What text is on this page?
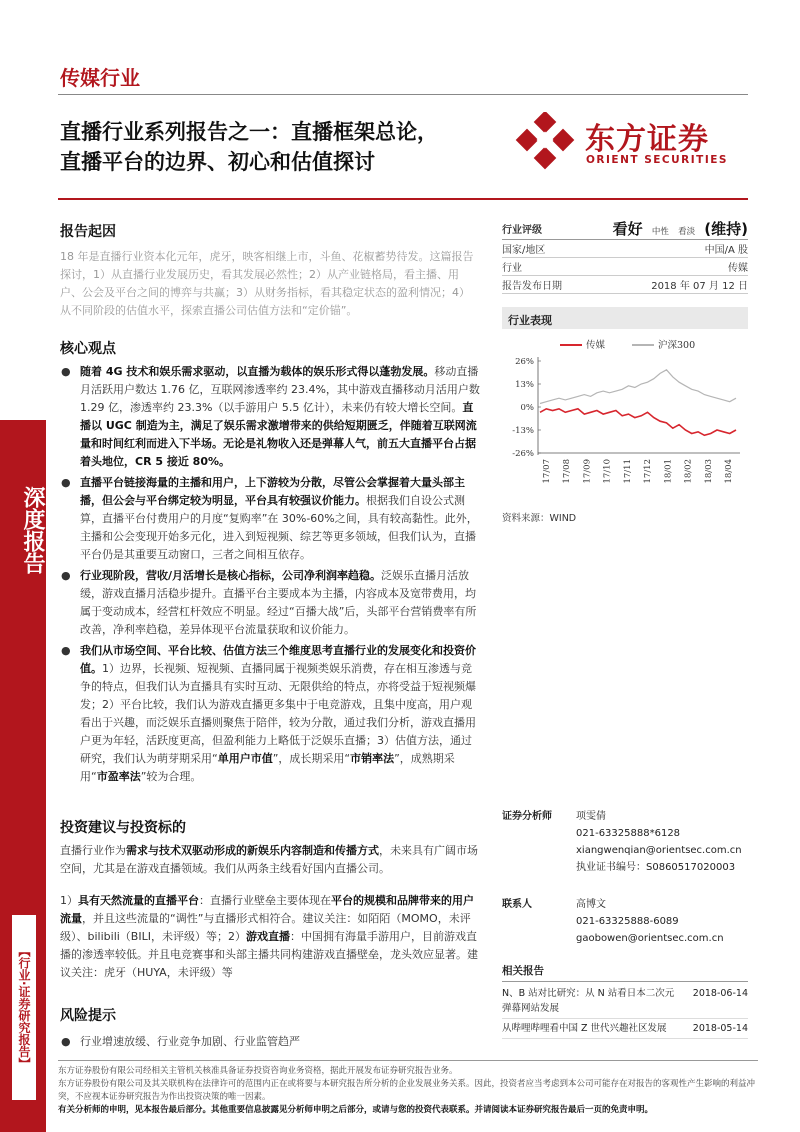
深度报告
【行业·证券研究报告】
传媒行业
直播行业系列报告之一：直播框架总论，
直播平台的边界、初心和估值探讨
东方证券
ORIENT SECURITIES
报告起因
18 年是直播行业资本化元年，虎牙，映客相继上市，斗鱼、花椒蓄势待发。这篇报告探讨，1）从直播行业发展历史，看其发展必然性；2）从产业链格局，看主播、用户、公会及平台之间的博弈与共赢；3）从财务指标，看其稳定状态的盈利情况；4）从不同阶段的估值水平，探索直播公司估值方法和“定价锚”。
核心观点
● 随着 4G 技术和娱乐需求驱动，以直播为载体的娱乐形式得以蓬勃发展。移动直播月活跃用户数达 1.76 亿，互联网渗透率约 23.4%，其中游戏直播移动月活用户数 1.29 亿，渗透率约 23.3%（以手游用户 5.5 亿计），未来仍有较大增长空间。直播以 UGC 制造为主，满足了娱乐需求激增带来的供给短期匮乏，伴随着互联网流量和时间红利而进入下半场。无论是礼物收入还是弹幕人气，前五大直播平台占据着头地位，CR 5 接近 80%。
● 直播平台链接海量的主播和用户，上下游较为分散，尽管公会掌握着大量头部主播，但公会与平台绑定较为明显，平台具有较强议价能力。根据我们自设公式测算，直播平台付费用户的月度“复购率”在 30%-60%之间，具有较高黏性。此外，主播和公会变现开始多元化，进入到短视频、综艺等更多领域，但我们认为，直播平台仍是其重要互动窗口，三者之间相互依存。
● 行业现阶段，营收/月活增长是核心指标，公司净利润率趋稳。泛娱乐直播月活放缓，游戏直播月活稳步提升。直播平台主要成本为主播，内容成本及宽带费用，均属于变动成本，经营杠杆效应不明显。经过“百播大战”后，头部平台营销费率有所改善，净利率趋稳，差异体现平台流量获取和议价能力。
● 我们从市场空间、平台比较、估值方法三个维度思考直播行业的发展变化和投资价值。1）边界，长视频、短视频、直播同属于视频类娱乐消费，存在相互渗透与竞争的特点，但我们认为直播具有实时互动、无限供给的特点，亦将受益于短视频爆发；2）平台比较，我们认为游戏直播更多集中于电竞游戏，且集中度高，用户观看出于兴趣，而泛娱乐直播则聚焦于陪伴，较为分散，通过我们分析，游戏直播用户更为年轻，活跃度更高，但盈利能力上略低于泛娱乐直播；3）估值方法，通过研究，我们认为萌芽期采用“单用户市值”，成长期采用“市销率法”，成熟期采用“市盈率法”较为合理。
投资建议与投资标的
直播行业作为需求与技术双驱动形成的新娱乐内容制造和传播方式，未来具有广阔市场空间，尤其是在游戏直播领域。我们从两条主线看好国内直播公司。
1）具有天然流量的直播平台：直播行业壁垒主要体现在平台的规模和品牌带来的用户流量，并且这些流量的“调性”与直播形式相符合。建议关注：如陌陌（MOMO，未评级）、bilibili（BILI，未评级）等；2）游戏直播：中国拥有海量手游用户，目前游戏直播的渗透率较低。并且电竞赛事和头部主播共同构建游戏直播壁垒，龙头效应显著。建议关注：虎牙（HUYA，未评级）等
风险提示
● 行业增速放缓、行业竞争加剧、行业监管趋严
行业评级	看好 中性 看淡 (维持)
国家/地区	中国/A 股
行业	传媒
报告发布日期	2018 年 07 月 12 日
行业表现
传媒	沪深300
26%
13%
0%
-13%
-26%
17/07 17/08 17/09 17/10 17/11 17/12 18/01 18/02 18/03 18/04
资料来源：WIND
证券分析师 项雯倩
021-63325888*6128
xiangwenqian@orientsec.com.cn
执业证书编号：S0860517020003
联系人	高博文
021-63325888-6089
gaobowen@orientsec.com.cn
相关报告
N、B 站对比研究：从 N 站看日本二次元
弹幕网站发展
2018-06-14
从哔哩哔哩看中国 Z 世代兴趣社区发展	2018-05-14
东方证券股份有限公司经相关主管机关核准具备证券投资咨询业务资格，据此开展发布证券研究报告业务。
东方证券股份有限公司及其关联机构在法律许可的范围内正在或将要与本研究报告所分析的企业发展业务关系。因此，投资者应当考虑到本公司可能存在对报告的客观性产生影响的利益冲突，不应视本证券研究报告为作出投资决策的唯一因素。
有关分析师的申明，见本报告最后部分。其他重要信息披露见分析师申明之后部分，或请与您的投资代表联系。并请阅读本证券研究报告最后一页的免责申明。
